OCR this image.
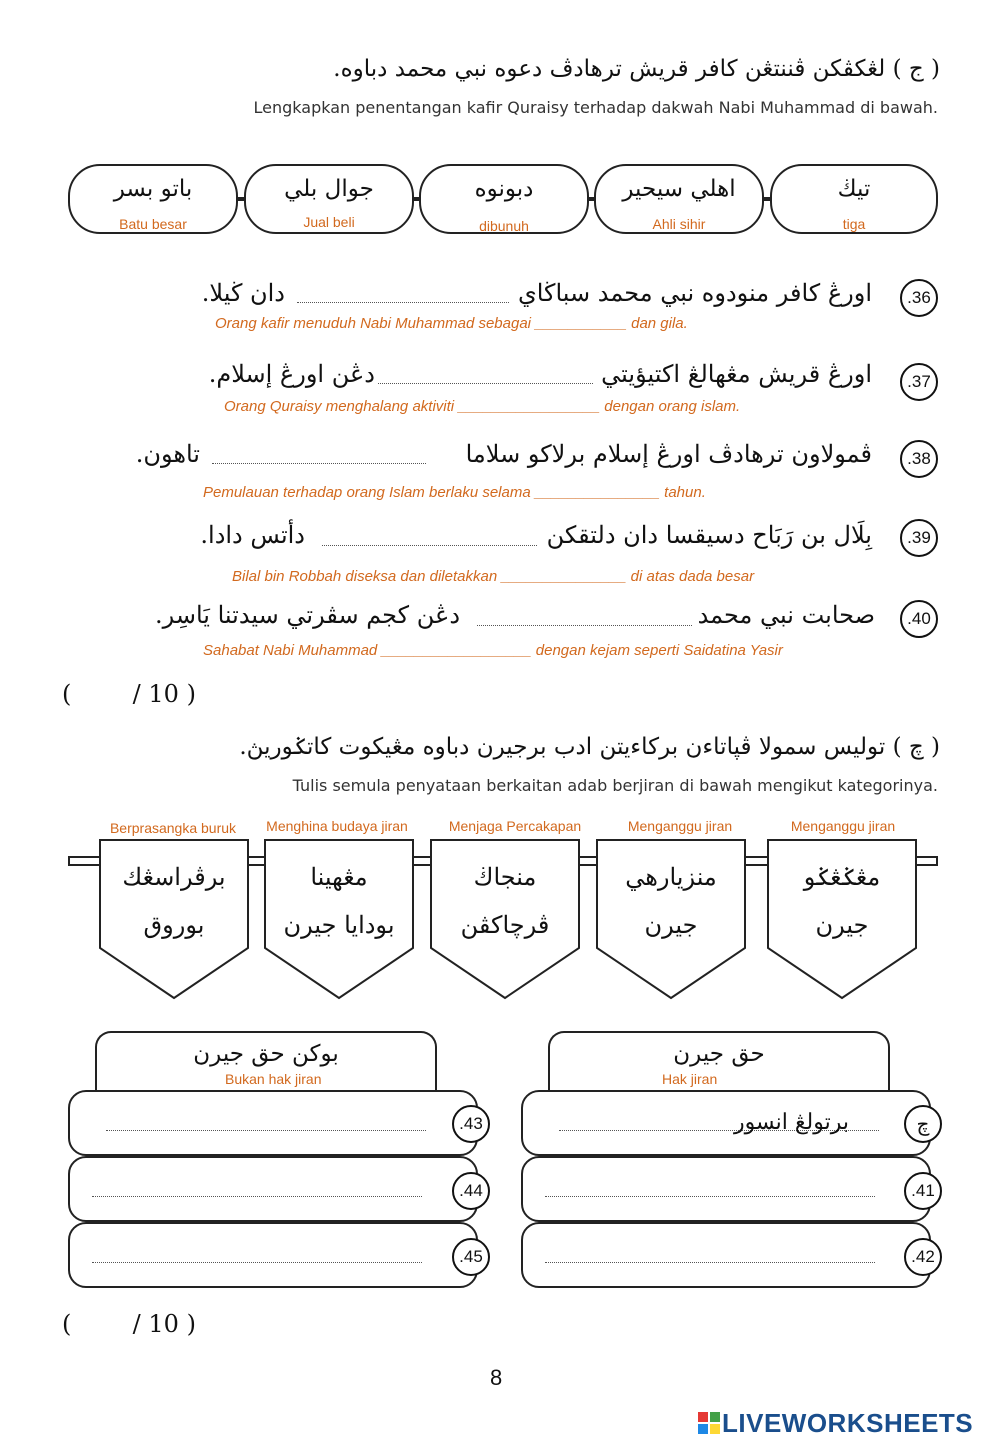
( ج ) لڠكڤكن ڤننتڠن كافر قريش ترهادڤ دعوه نبي محمد دباوه.
Lengkapkan penentangan kafir Quraisy terhadap dakwah Nabi Muhammad di bawah.
تيڬ
tiga
اهلي سيحير
Ahli sihir
دبونوه
dibunuh
جوال بلي
Jual beli
باتو بسر
Batu besar
.36
اورڠ كافر منودوه نبي محمد سباڬاي
دان ڬيلا.
Orang kafir menuduh Nabi Muhammad sebagai ___________ dan gila.
.37
اورڠ قريش مڠهالڠ اكتيؤيتي
دڠن اورڠ إسلام.
Orang Quraisy menghalang aktiviti _________________ dengan orang islam.
.38
ڤمولاون ترهادڤ اورڠ إسلام برلاكو سلاما
تاهون.
Pemulauan terhadap orang Islam berlaku selama _______________ tahun.
.39
بِلَال بن رَبَاح دسيقسا دان دلتقكن
دأتس دادا.
Bilal bin Robbah diseksa dan diletakkan _______________ di atas dada besar
.40
صحابت نبي محمد
دڠن كجم سڤرتي سيدتنا يَاسِر.
Sahabat Nabi Muhammad __________________ dengan kejam seperti Saidatina Yasir
(	/ 10 )
( چ ) توليس سمولا ڤپاتاءن بركاءيتن ادب برجيرن دباوه مڠيكوت كاتݢوريڽ.
Tulis semula penyataan berkaitan adab berjiran di bawah mengikut kategorinya.
Menganggu jiran
مڠݢڠݢو
جيرن
Menganggu jiran
منزيارهي
جيرن
Menjaga Percakapan
منجاڬ
ڤرچاكڤن
Menghina budaya jiran
مڠهينا
بودايا جيرن
Berprasangka buruk
برڤراسڠك
بوروق
بوكن حق جيرن
Bukan hak jiran
.43
.44
.45
حق جيرن
Hak jiran
برتولڠ انسور	چ
.41
.42
(	/ 10 )
8
LIVEWORKSHEETS
